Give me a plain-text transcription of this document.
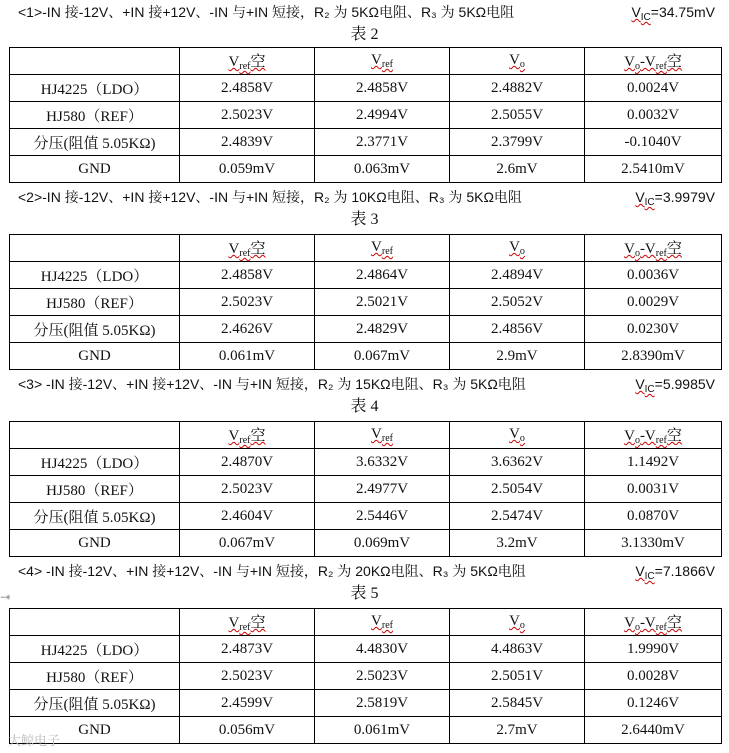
<1>-IN 接-12V、+IN 接+12V、-IN 与+IN 短接，R₂ 为 5KΩ电阻、R₃ 为 5KΩ电阻	$V_{IC}=34.75mV$
表 2
	$V_{ref}$空	$V_{ref}$	$V_o$	$V_o-V_{ref}$空
HJ4225（LDO）	2.4858V	2.4858V	2.4882V	0.0024V
HJ580（REF）	2.5023V	2.4994V	2.5055V	0.0032V
分压(阻值 5.05KΩ)	2.4839V	2.3771V	2.3799V	-0.1040V
GND	0.059mV	0.063mV	2.6mV	2.5410mV
<2>-IN 接-12V、+IN 接+12V、-IN 与+IN 短接，R₂ 为 10KΩ电阻、R₃ 为 5KΩ电阻	$V_{IC}=3.9979V$
表 3
	$V_{ref}$空	$V_{ref}$	$V_o$	$V_o-V_{ref}$空
HJ4225（LDO）	2.4858V	2.4864V	2.4894V	0.0036V
HJ580（REF）	2.5023V	2.5021V	2.5052V	0.0029V
分压(阻值 5.05KΩ)	2.4626V	2.4829V	2.4856V	0.0230V
GND	0.061mV	0.067mV	2.9mV	2.8390mV
<3> -IN 接-12V、+IN 接+12V、-IN 与+IN 短接，R₂ 为 15KΩ电阻、R₃ 为 5KΩ电阻	$V_{IC}=5.9985V$
表 4
	$V_{ref}$空	$V_{ref}$	$V_o$	$V_o-V_{ref}$空
HJ4225（LDO）	2.4870V	3.6332V	3.6362V	1.1492V
HJ580（REF）	2.5023V	2.4977V	2.5054V	0.0031V
分压(阻值 5.05KΩ)	2.4604V	2.5446V	2.5474V	0.0870V
GND	0.067mV	0.069mV	3.2mV	3.1330mV
<4> -IN 接-12V、+IN 接+12V、-IN 与+IN 短接，R₂ 为 20KΩ电阻、R₃ 为 5KΩ电阻	$V_{IC}=7.1866V$
表 5
	$V_{ref}$空	$V_{ref}$	$V_o$	$V_o-V_{ref}$空
HJ4225（LDO）	2.4873V	4.4830V	4.4863V	1.9990V
HJ580（REF）	2.5023V	2.5023V	2.5051V	0.0028V
分压(阻值 5.05KΩ)	2.4599V	2.5819V	2.5845V	0.1246V
GND	0.056mV	0.061mV	2.7mV	2.6440mV
⇥
大鲸电子
